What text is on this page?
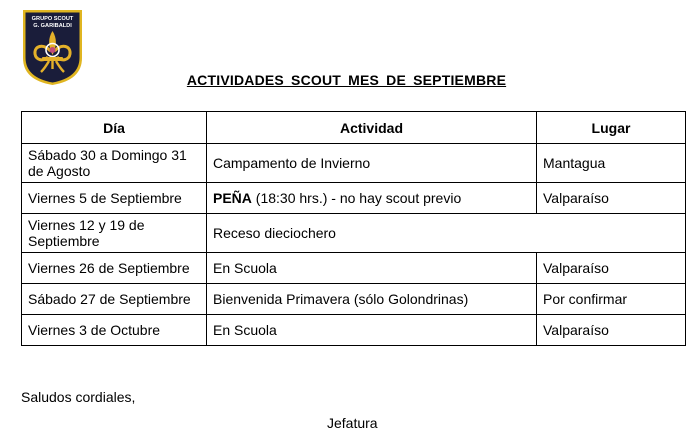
GRUPO SCOUT
G. GARIBALDI
ACTIVIDADES SCOUT MES DE SEPTIEMBRE
Día	Actividad	Lugar
Sábado 30 a Domingo 31 de Agosto	Campamento de Invierno	Mantagua
Viernes 5 de Septiembre	PEÑA (18:30 hrs.) - no hay scout previo	Valparaíso
Viernes 12 y 19 de Septiembre	Receso dieciochero	
Viernes 26 de Septiembre	En Scuola	Valparaíso
Sábado 27 de Septiembre	Bienvenida Primavera (sólo Golondrinas)	Por confirmar
Viernes 3 de Octubre	En Scuola	Valparaíso
Saludos cordiales,
Jefatura
